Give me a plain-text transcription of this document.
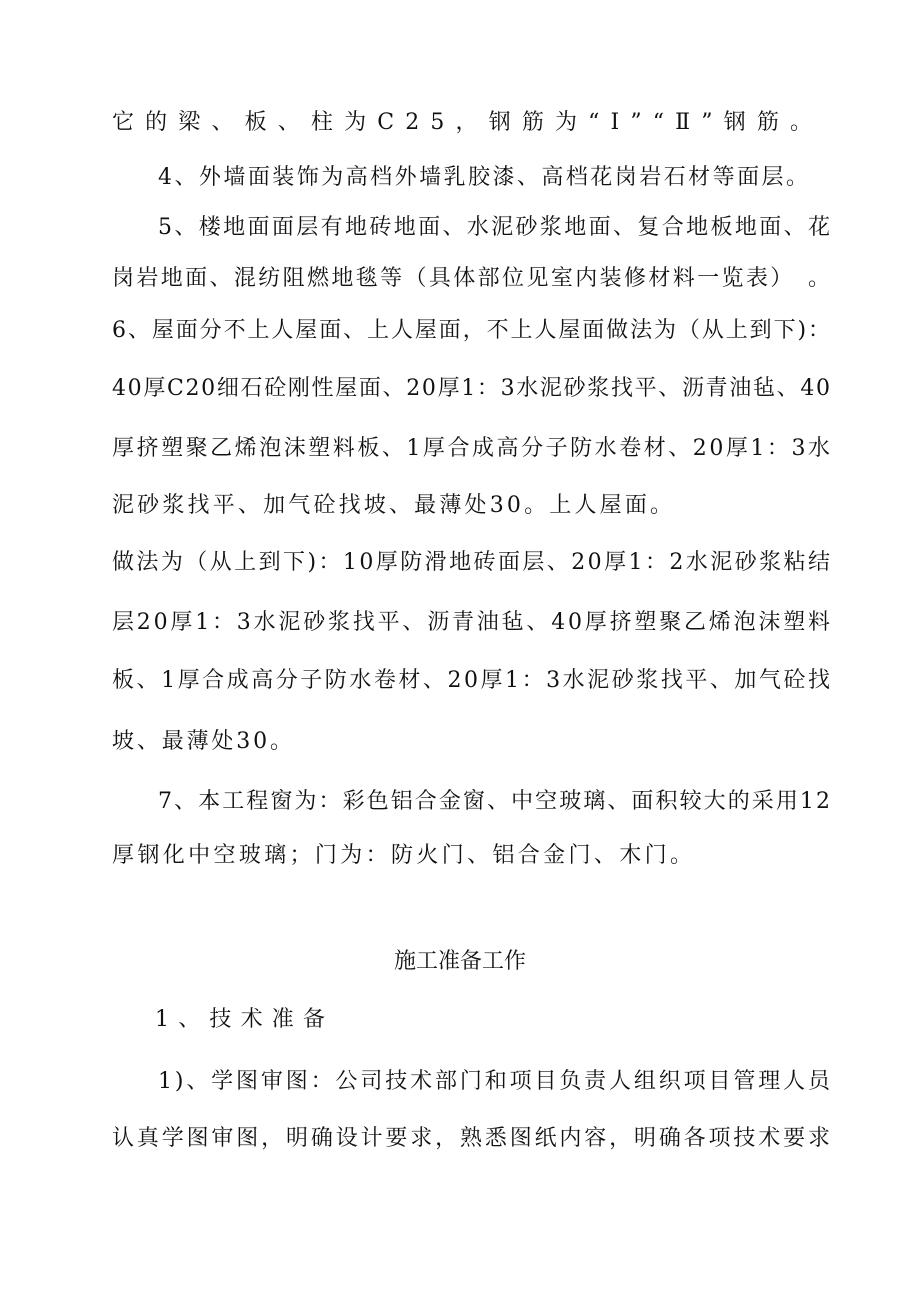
它的梁、板、柱为C25，钢筋为“Ⅰ”“Ⅱ”钢筋。

4、外墙面装饰为高档外墙乳胶漆、高档花岗岩石材等面层。

5、楼地面面层有地砖地面、水泥砂浆地面、复合地板地面、花

岗岩地面、混纺阻燃地毯等（具体部位见室内装修材料一览表）　。

6、屋面分不上人屋面、上人屋面，不上人屋面做法为（从上到下)：

40厚C20细石砼刚性屋面、20厚1：3水泥砂浆找平、沥青油毡、40

厚挤塑聚乙烯泡沫塑料板、1厚合成高分子防水卷材、20厚1：3水

泥砂浆找平、加气砼找坡、最薄处30。上人屋面。

做法为（从上到下)：10厚防滑地砖面层、20厚1：2水泥砂浆粘结

层20厚1：3水泥砂浆找平、沥青油毡、40厚挤塑聚乙烯泡沫塑料

板、1厚合成高分子防水卷材、20厚1：3水泥砂浆找平、加气砼找

坡、最薄处30。

7、本工程窗为：彩色铝合金窗、中空玻璃、面积较大的采用12

厚钢化中空玻璃；门为：防火门、铝合金门、木门。

施工准备工作

1、技术准备

1)、学图审图：公司技术部门和项目负责人组织项目管理人员

认真学图审图，明确设计要求，熟悉图纸内容，明确各项技术要求
